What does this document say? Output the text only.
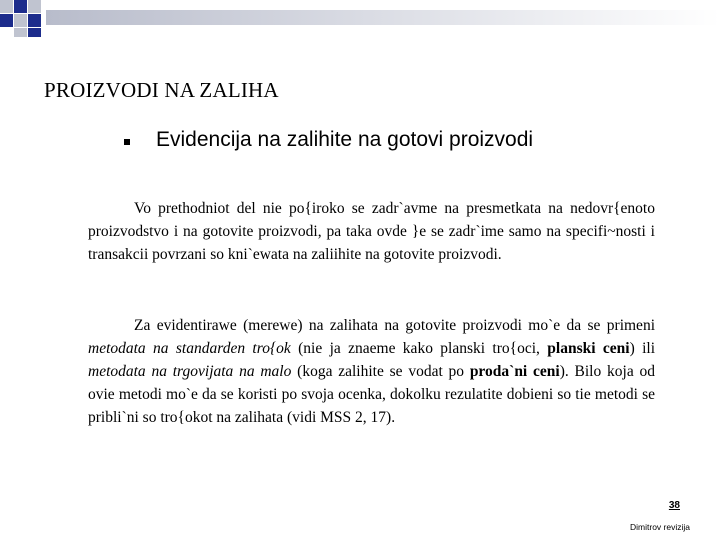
PROIZVODI NA ZALIHA
Evidencija na zalihite na gotovi proizvodi

Vo prethodniot del nie po{iroko se zadr`avme na presmetkata na nedovr{enoto proizvodstvo i na gotovite proizvodi, pa taka ovde }e se zadr`ime samo na specifi~nosti i transakcii povrzani so kni`ewata na zaliihite na gotovite proizvodi.

Za evidentirawe (merewe) na zalihata na gotovite proizvodi mo`e da se primeni metodata na standarden tro{ok (nie ja znaeme kako planski tro{oci, planski ceni) ili metodata na trgovijata na malo (koga zalihite se vodat po proda`ni ceni). Bilo koja od ovie metodi mo`e da se koristi po svoja ocenka, dokolku rezulatite dobieni so tie metodi se pribli`ni so tro{okot na zalihata (vidi MSS 2, 17).

38
Dimitrov revizija
